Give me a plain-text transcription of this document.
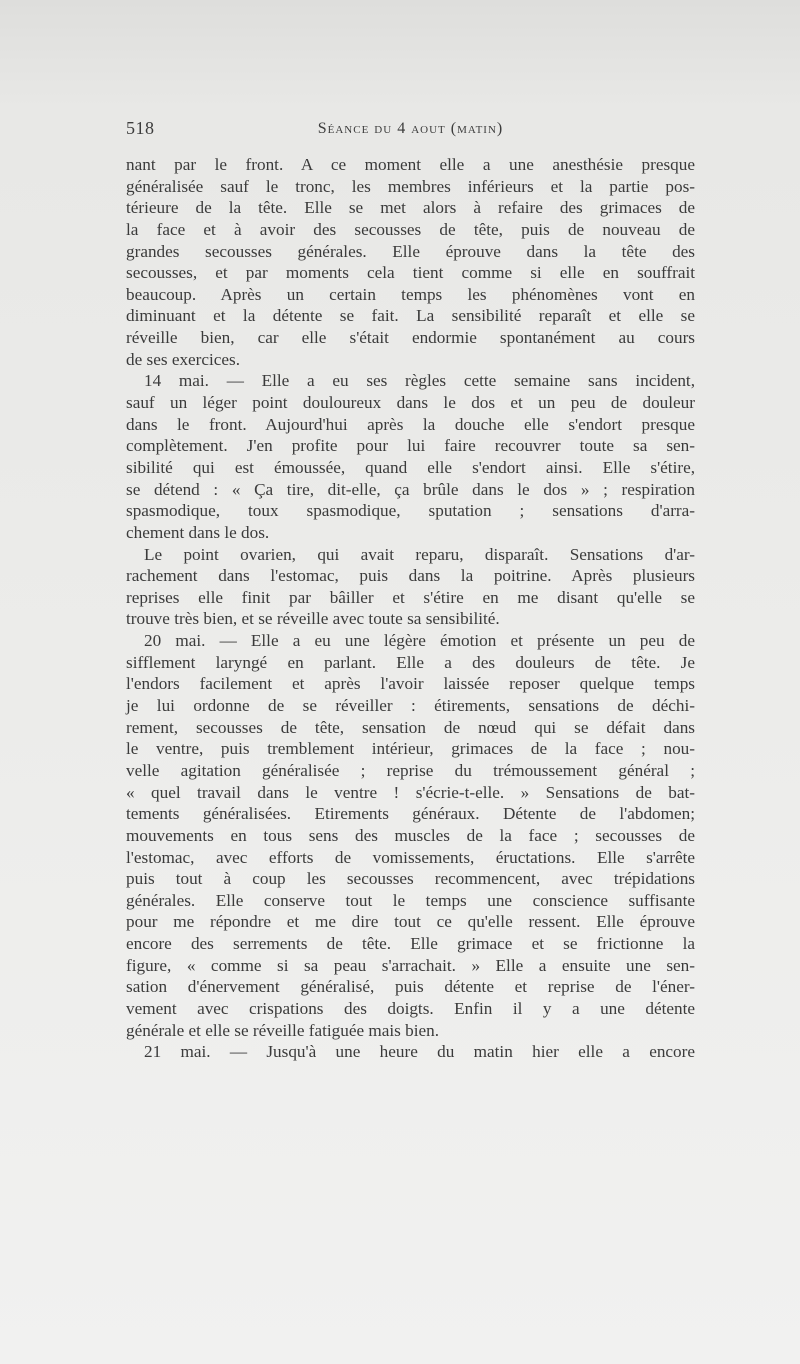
518	Séance du 4 aout (matin)

nant par le front. A ce moment elle a une anesthésie presque
généralisée sauf le tronc, les membres inférieurs et la partie pos-
térieure de la tête. Elle se met alors à refaire des grimaces de
la face et à avoir des secousses de tête, puis de nouveau de
grandes secousses générales. Elle éprouve dans la tête des
secousses, et par moments cela tient comme si elle en souffrait
beaucoup. Après un certain temps les phénomènes vont en
diminuant et la détente se fait. La sensibilité reparaît et elle se
réveille bien, car elle s'était endormie spontanément au cours
de ses exercices.

14 mai. — Elle a eu ses règles cette semaine sans incident,
sauf un léger point douloureux dans le dos et un peu de douleur
dans le front. Aujourd'hui après la douche elle s'endort presque
complètement. J'en profite pour lui faire recouvrer toute sa sen-
sibilité qui est émoussée, quand elle s'endort ainsi. Elle s'étire,
se détend : « Ça tire, dit-elle, ça brûle dans le dos » ; respiration
spasmodique, toux spasmodique, sputation ; sensations d'arra-
chement dans le dos.

Le point ovarien, qui avait reparu, disparaît. Sensations d'ar-
rachement dans l'estomac, puis dans la poitrine. Après plusieurs
reprises elle finit par bâiller et s'étire en me disant qu'elle se
trouve très bien, et se réveille avec toute sa sensibilité.

20 mai. — Elle a eu une légère émotion et présente un peu de
sifflement laryngé en parlant. Elle a des douleurs de tête. Je
l'endors facilement et après l'avoir laissée reposer quelque temps
je lui ordonne de se réveiller : étirements, sensations de déchi-
rement, secousses de tête, sensation de nœud qui se défait dans
le ventre, puis tremblement intérieur, grimaces de la face ; nou-
velle agitation généralisée ; reprise du trémoussement général ;
« quel travail dans le ventre ! s'écrie-t-elle. » Sensations de bat-
tements généralisées. Etirements généraux. Détente de l'abdomen;
mouvements en tous sens des muscles de la face ; secousses de
l'estomac, avec efforts de vomissements, éructations. Elle s'arrête
puis tout à coup les secousses recommencent, avec trépidations
générales. Elle conserve tout le temps une conscience suffisante
pour me répondre et me dire tout ce qu'elle ressent. Elle éprouve
encore des serrements de tête. Elle grimace et se frictionne la
figure, « comme si sa peau s'arrachait. » Elle a ensuite une sen-
sation d'énervement généralisé, puis détente et reprise de l'éner-
vement avec crispations des doigts. Enfin il y a une détente
générale et elle se réveille fatiguée mais bien.

21 mai. — Jusqu'à une heure du matin hier elle a encore
